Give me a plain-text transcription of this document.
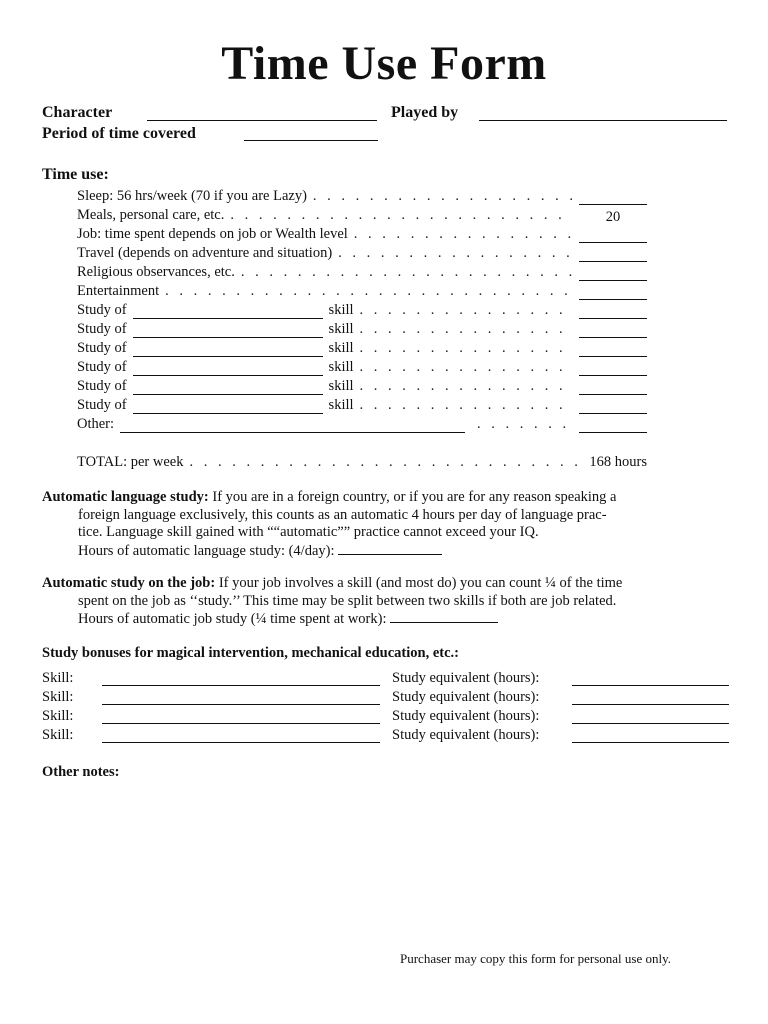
Time Use Form
Character	Played by
Period of time covered
Time use:
Sleep: 56 hrs/week (70 if you are Lazy)
. . .
Meals, personal care, etc. . . .	20
Job: time spent depends on job or Wealth level
. . .
Travel (depends on adventure and situation)
. . .
Religious observances, etc.
. . .
Entertainment
. . .
Study of	skill
. . .
Study of	skill
. . .
Study of	skill
. . .
Study of	skill
. . .
Study of	skill
. . .
Study of	skill
. . .
Other:
. . .
TOTAL: per week . . .	168 hours
Automatic language study: If you are in a foreign country, or if you are for any reason speaking a
foreign language exclusively, this counts as an automatic 4 hours per day of language prac-
tice. Language skill gained with ““automatic”” practice cannot exceed your IQ.
Hours of automatic language study: (4/day):
Automatic study on the job: If your job involves a skill (and most do) you can count ¼ of the time
spent on the job as ‘‘study.’’ This time may be split between two skills if both are job related.
Hours of automatic job study (¼ time spent at work):
Study bonuses for magical intervention, mechanical education, etc.:
Skill:	Study equivalent (hours):
Skill:	Study equivalent (hours):
Skill:	Study equivalent (hours):
Skill:	Study equivalent (hours):
Other notes:
Purchaser may copy this form for personal use only.
